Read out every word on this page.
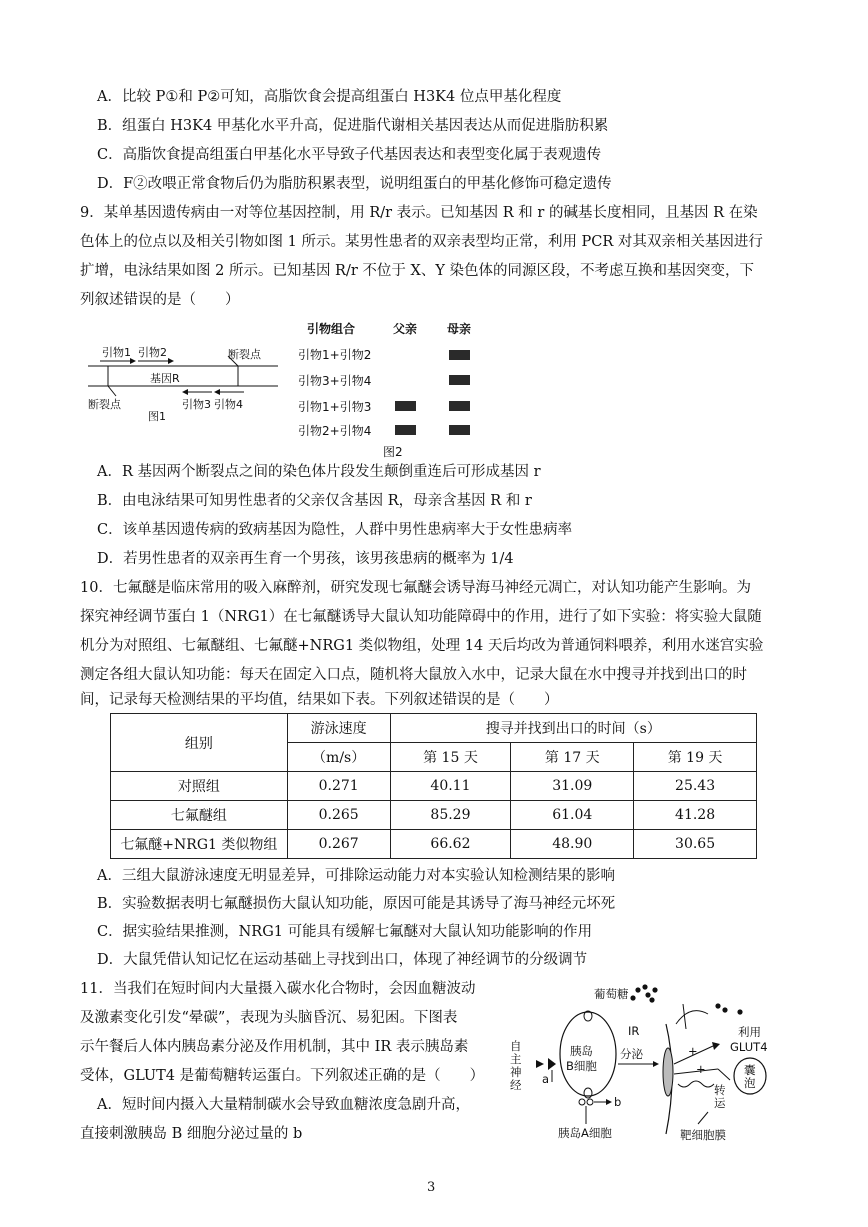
A．比较 P①和 P②可知，高脂饮食会提高组蛋白 H3K4 位点甲基化程度
B．组蛋白 H3K4 甲基化水平升高，促进脂代谢相关基因表达从而促进脂肪积累
C．高脂饮食提高组蛋白甲基化水平导致子代基因表达和表型变化属于表观遗传
D．F②改喂正常食物后仍为脂肪积累表型，说明组蛋白的甲基化修饰可稳定遗传
9．某单基因遗传病由一对等位基因控制，用 R/r 表示。已知基因 R 和 r 的碱基长度相同，且基因 R 在染
色体上的位点以及相关引物如图 1 所示。某男性患者的双亲表型均正常，利用 PCR 对其双亲相关基因进行
扩增，电泳结果如图 2 所示。已知基因 R/r 不位于 X、Y 染色体的同源区段，不考虑互换和基因突变，下
列叙述错误的是（　　）
引物1 引物2	断裂点
基因R
断裂点
图1
引物3 引物4
引物组合	父亲 母亲
引物1+引物2
引物3+引物4
引物1+引物3
引物2+引物4
图2
A．R 基因两个断裂点之间的染色体片段发生颠倒重连后可形成基因 r
B．由电泳结果可知男性患者的父亲仅含基因 R，母亲含基因 R 和 r
C．该单基因遗传病的致病基因为隐性，人群中男性患病率大于女性患病率
D．若男性患者的双亲再生育一个男孩，该男孩患病的概率为 1/4
10．七氟醚是临床常用的吸入麻醉剂，研究发现七氟醚会诱导海马神经元凋亡，对认知功能产生影响。为
探究神经调节蛋白 1（NRG1）在七氟醚诱导大鼠认知功能障碍中的作用，进行了如下实验：将实验大鼠随
机分为对照组、七氟醚组、七氟醚+NRG1 类似物组，处理 14 天后均改为普通饲料喂养，利用水迷宫实验
测定各组大鼠认知功能：每天在固定入口点，随机将大鼠放入水中，记录大鼠在水中搜寻并找到出口的时
间，记录每天检测结果的平均值，结果如下表。下列叙述错误的是（　　）
组别	游泳速度	搜寻并找到出口的时间（s）		
	（m/s）	第 15 天	第 17 天	第 19 天
对照组	0.271	40.11	31.09	25.43
七氟醚组	0.265	85.29	61.04	41.28
七氟醚+NRG1 类似物组	0.267	66.62	48.90	30.65
A．三组大鼠游泳速度无明显差异，可排除运动能力对本实验认知检测结果的影响
B．实验数据表明七氟醚损伤大鼠认知功能，原因可能是其诱导了海马神经元坏死
C．据实验结果推测，NRG1 可能具有缓解七氟醚对大鼠认知功能影响的作用
D．大鼠凭借认知记忆在运动基础上寻找到出口，体现了神经调节的分级调节
11．当我们在短时间内大量摄入碳水化合物时，会因血糖波动
及激素变化引发“晕碳”，表现为头脑昏沉、易犯困。下图表
示午餐后人体内胰岛素分泌及作用机制，其中 IR 表示胰岛素
受体，GLUT4 是葡萄糖转运蛋白。下列叙述正确的是（　　）
A．短时间内摄入大量精制碳水会导致血糖浓度急剧升高，
直接刺激胰岛 B 细胞分泌过量的 b
葡萄糖
自
主
神
经 a
胰岛
B细胞
分泌
IR	利用
GLUT4
+
+	囊
泡
转
运
b
胰岛A细胞	靶细胞膜
3
